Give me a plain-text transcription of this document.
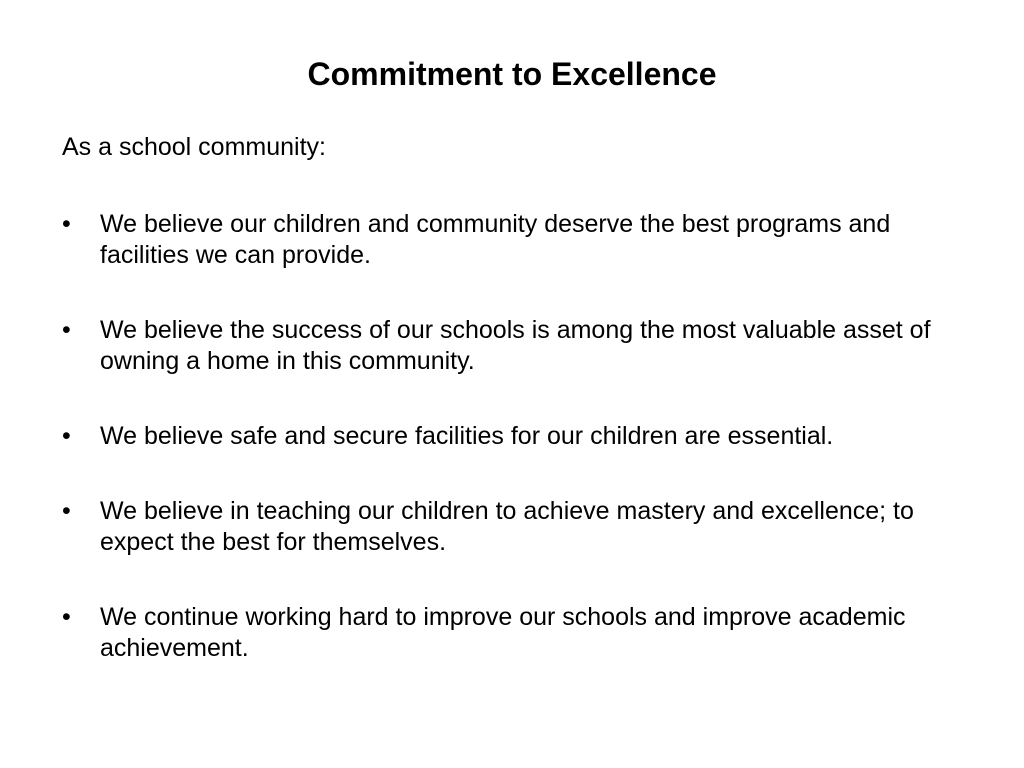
Commitment to Excellence

As a school community:

•	We believe our children and community deserve the best programs and facilities we can provide.
•	We believe the success of our schools is among the most valuable asset of owning a home in this community.
•	We believe safe and secure facilities for our children are essential.
•	We believe in teaching our children to achieve mastery and excellence; to expect the best for themselves.
•	We continue working hard to improve our schools and improve academic achievement.
